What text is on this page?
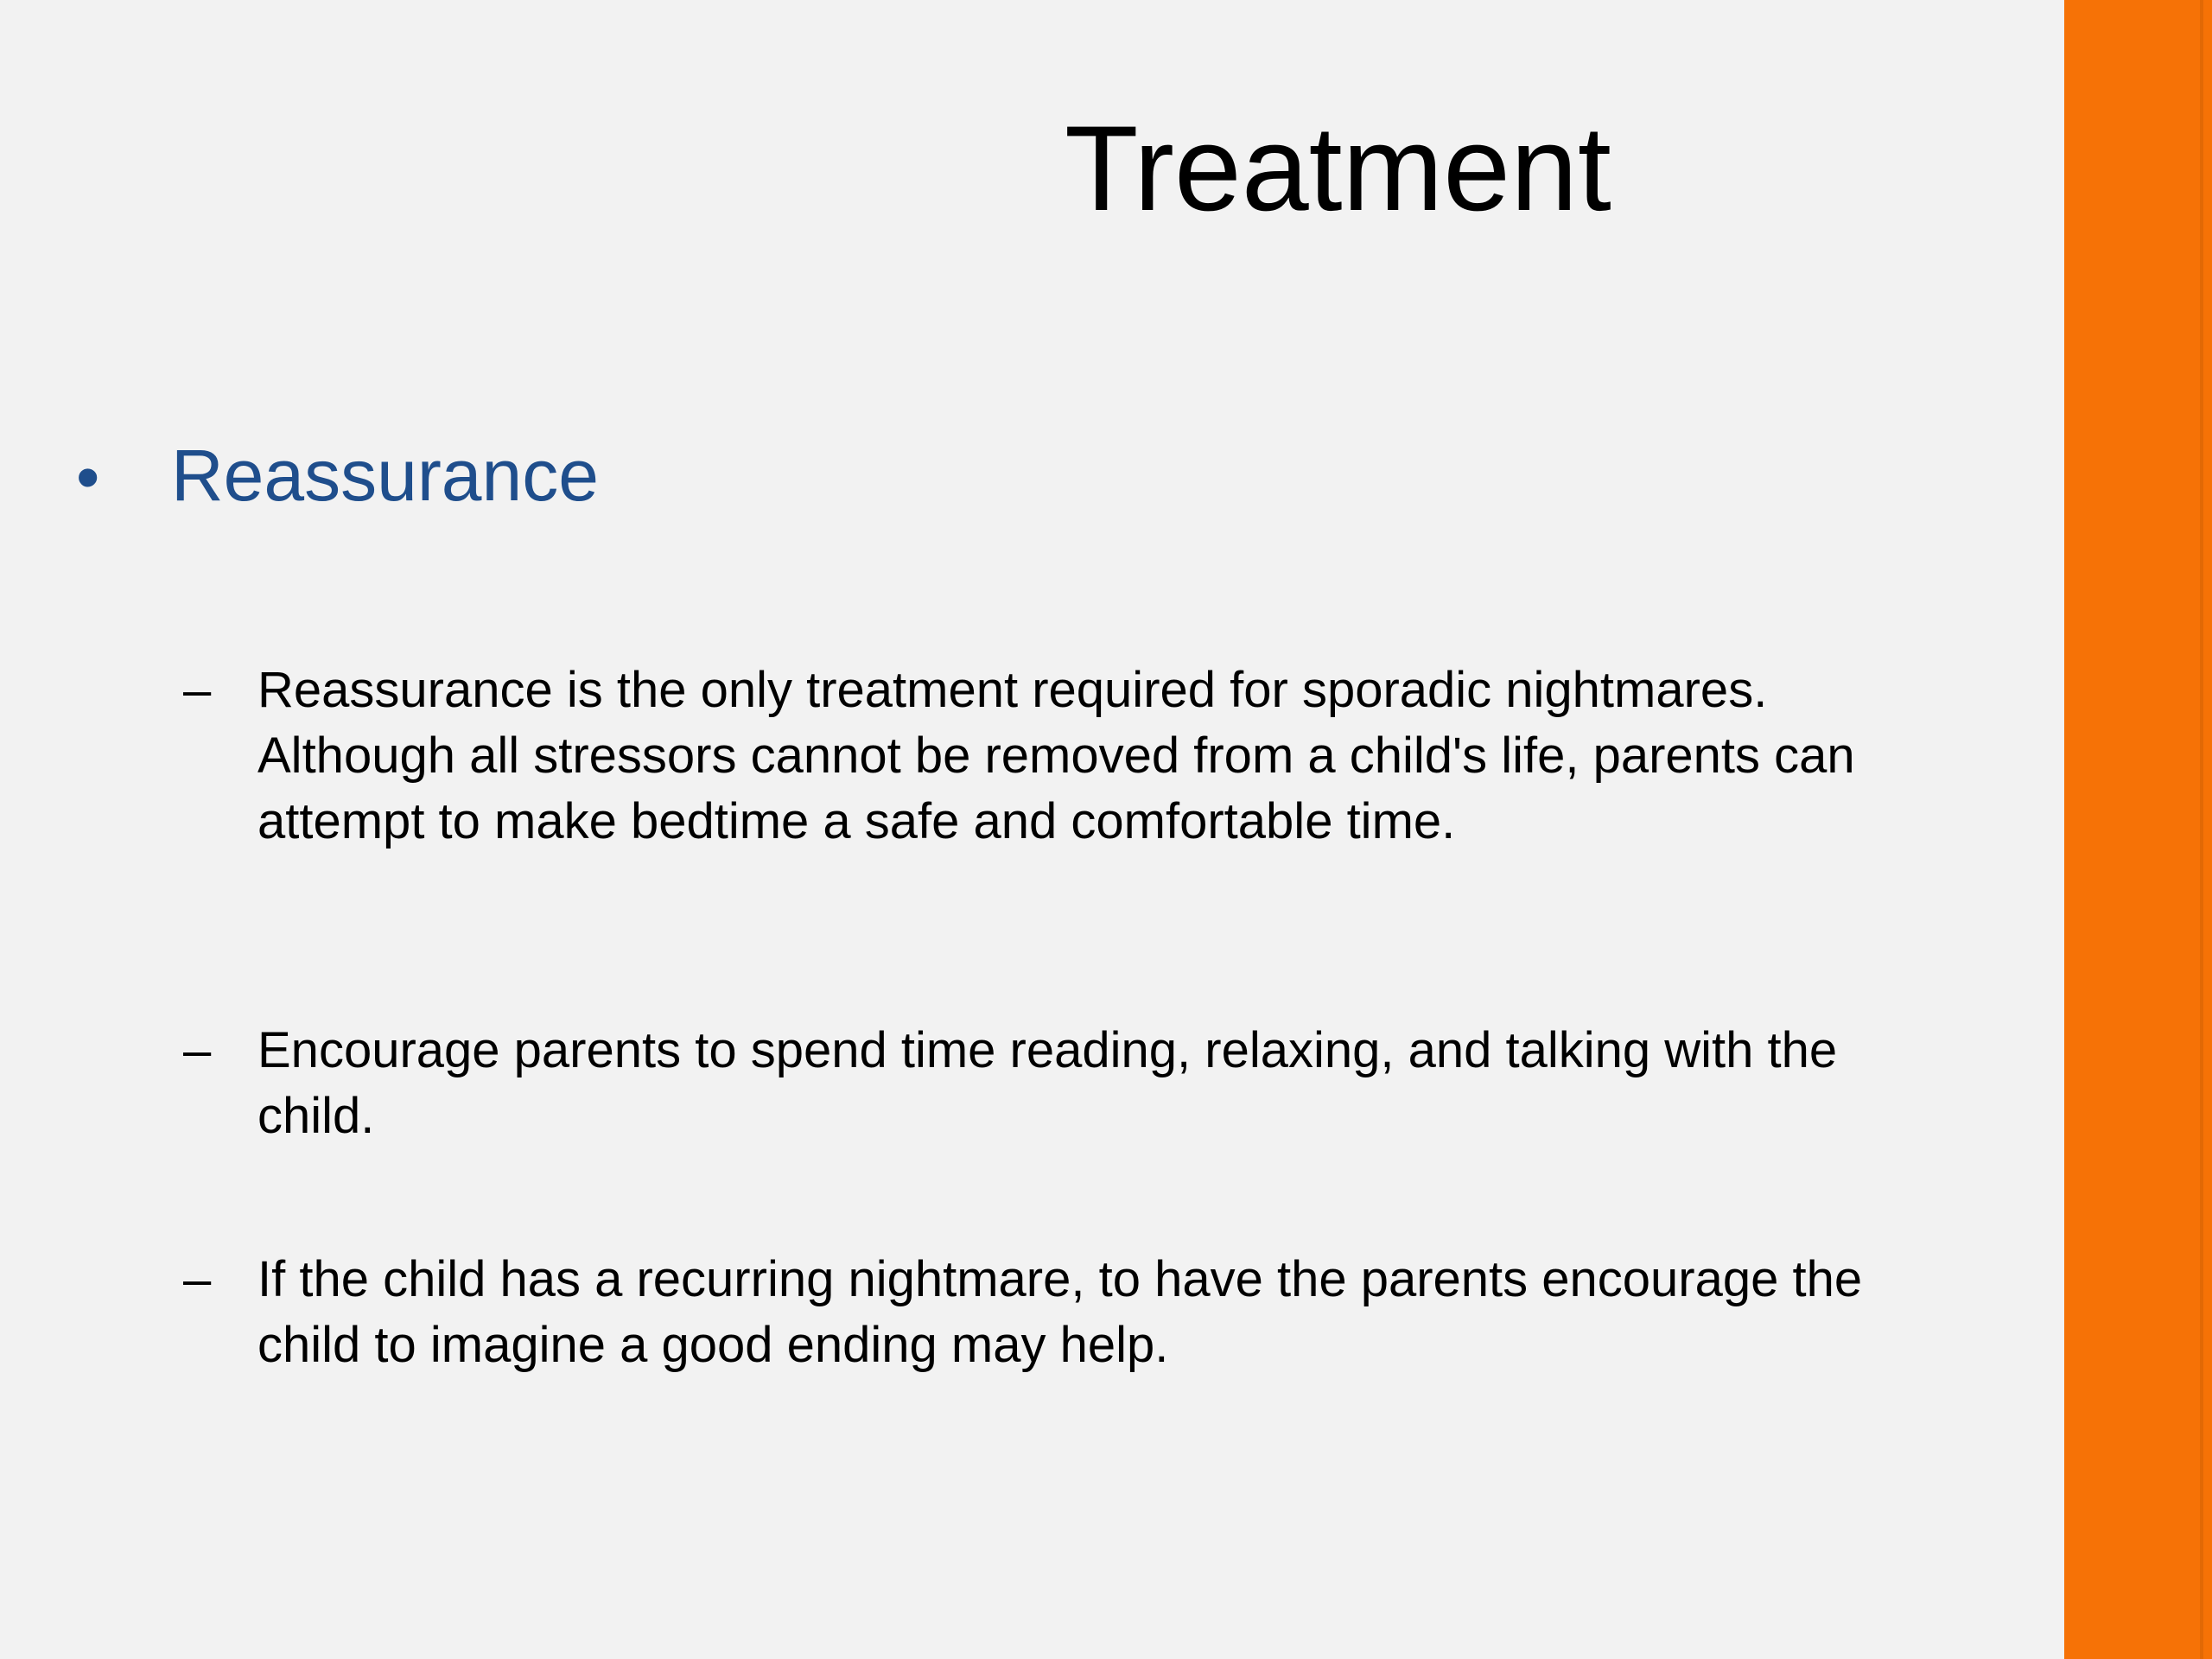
Treatment
• Reassurance
– Reassurance is the only treatment required for sporadic nightmares. Although all stressors cannot be removed from a child's life, parents can attempt to make bedtime a safe and comfortable time.
– Encourage parents to spend time reading, relaxing, and talking with the child.
– If the child has a recurring nightmare, to have the parents encourage the child to imagine a good ending may help.
